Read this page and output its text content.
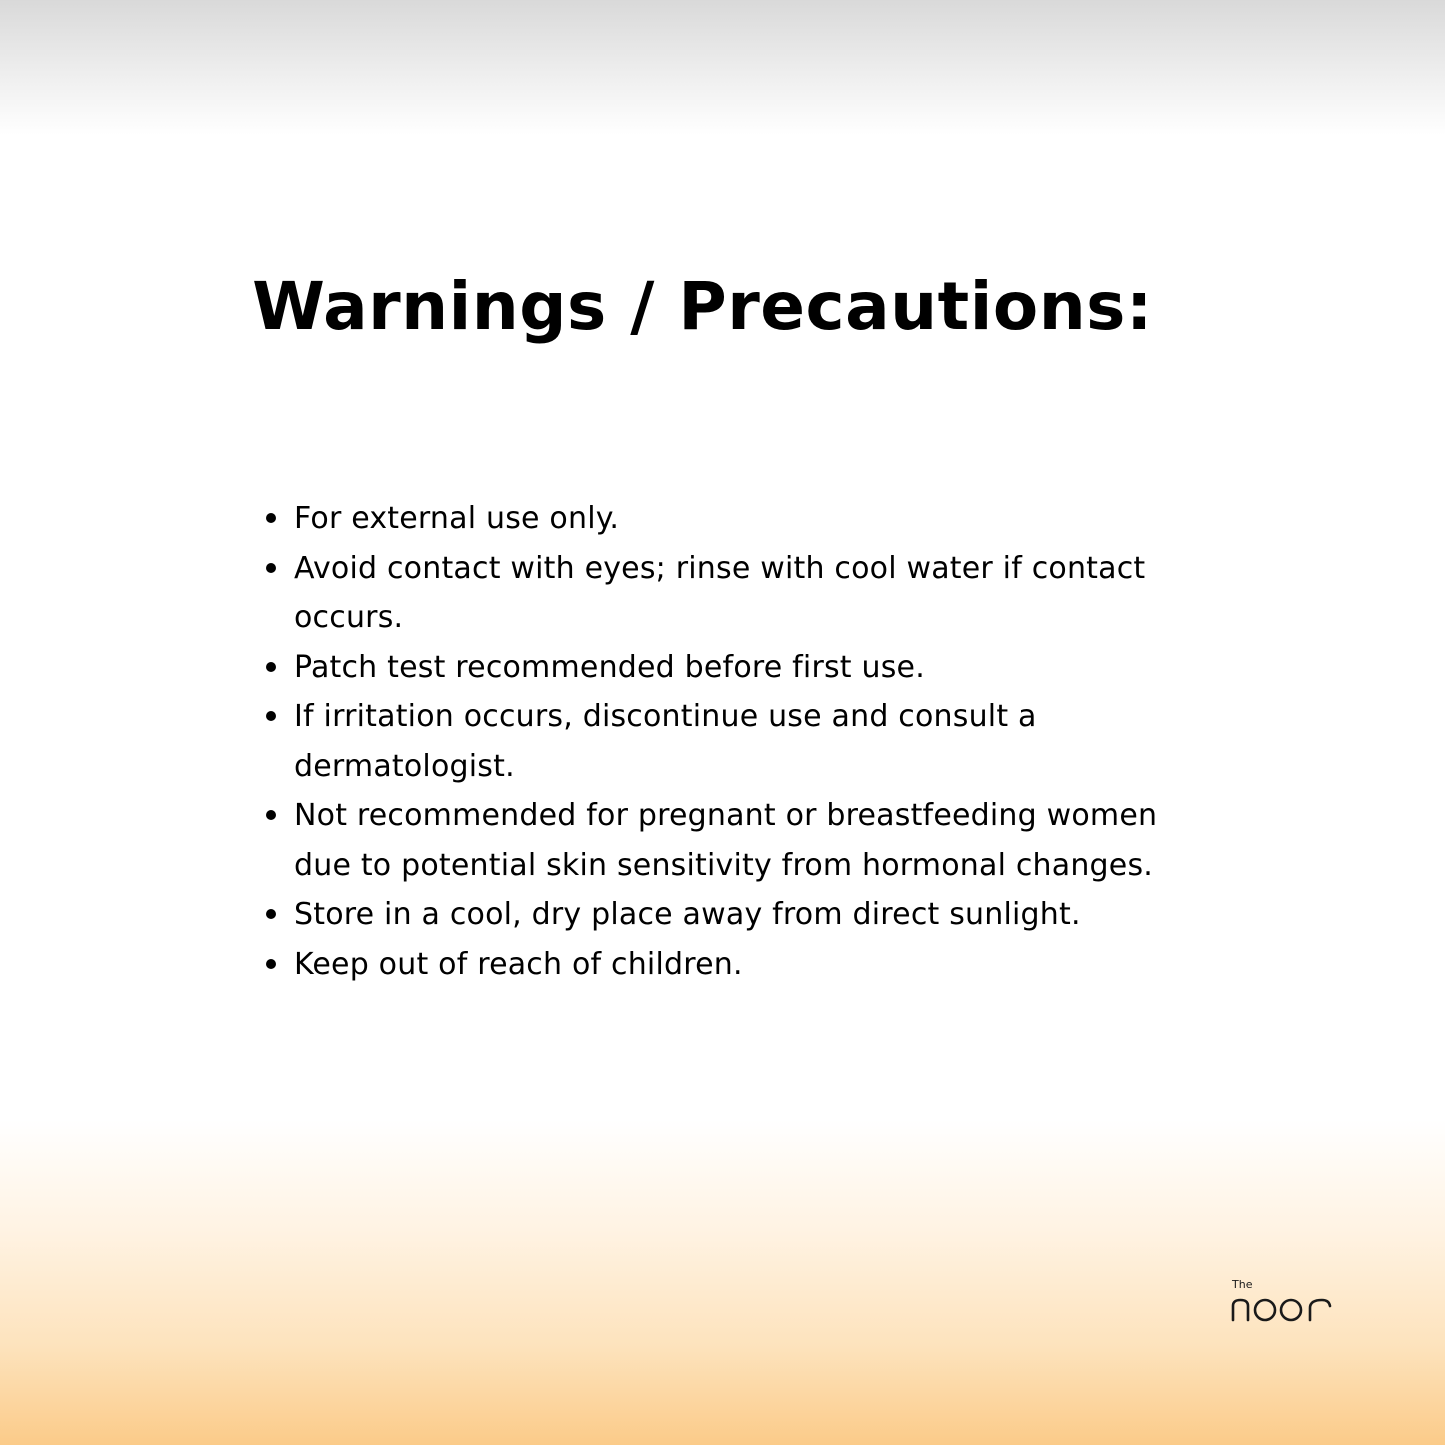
Warnings / Precautions:
For external use only.
Avoid contact with eyes; rinse with cool water if contact occurs.
Patch test recommended before first use.
If irritation occurs, discontinue use and consult a dermatologist.
Not recommended for pregnant or breastfeeding women due to potential skin sensitivity from hormonal changes.
Store in a cool, dry place away from direct sunlight.
Keep out of reach of children.
The
